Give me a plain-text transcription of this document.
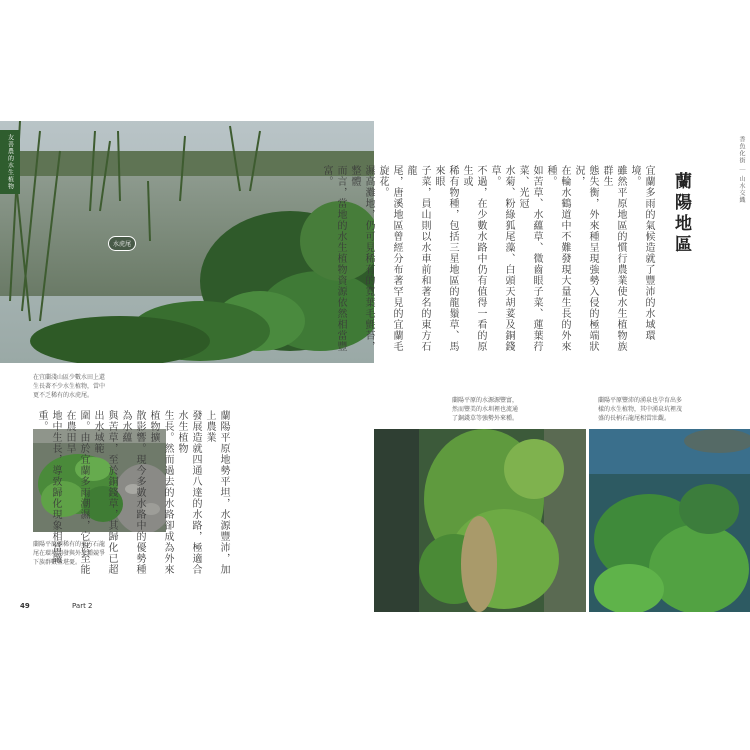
水虎尾
友善農的水生植物
在宜蘭淺山區少數水田上還
生長著不少水生植物，當中
更不乏稀有的水虎尾。
蘭陽平原裡稀有的東方石龍
尾在環境開發與外來種競爭
下族群數量堪憂。	蘭陽平原地勢平坦，水源豐沛，加上農業
發展造就四通八達的水路，極適合水生植物
生長。然而過去的水路卻成為外來植物擴
散影響。現今多數水路中的優勢種為水蘊
與苦草，至於銅錢草，其歸化已超出水域範
圍。由於宜蘭多雨潮濕，它甚至能在農田旱
地中生長，導致歸化現象相當嚴重。
49	Part 2
香魚化街 ｜ 山水交織
蘭陽地區
宜蘭多雨的氣候造就了豐沛的水域環境。
雖然平原地區的慣行農業使水生植物族群生
態失衡，外來種呈現強勢入侵的極端狀況，
在輪水鶴道中不難發現大量生長的外來種。
如苦草、水蘊草、微齒眼子菜、蓮葉荇菜、光冠
水菊、粉綠狐尾藻、白頭天胡荽及銅錢草。
不過，在少數水路中仍有值得一看的原生或
稀有物種，包括三星地區的龍鬚草、馬來眼
子菜，員山則以水車前和著名的東方石龍
尾，唐溪地區曾經分布著罕見的宜蘭毛旋花。
濕高灘地，仍可見稀有的寬葉毛氈苔，整體
而言，當地的水生植物資源依然相當豐富。
蘭陽平原的水源源豐富，
然而豐美的水圳裡也流通
了銅錢草等強勢外來種。
蘭陽平原豐沛的湧泉也孕育出多
樣的水生植物，其中湧泉坑裡茂
盛的長柄石龍尾相當壯觀。
